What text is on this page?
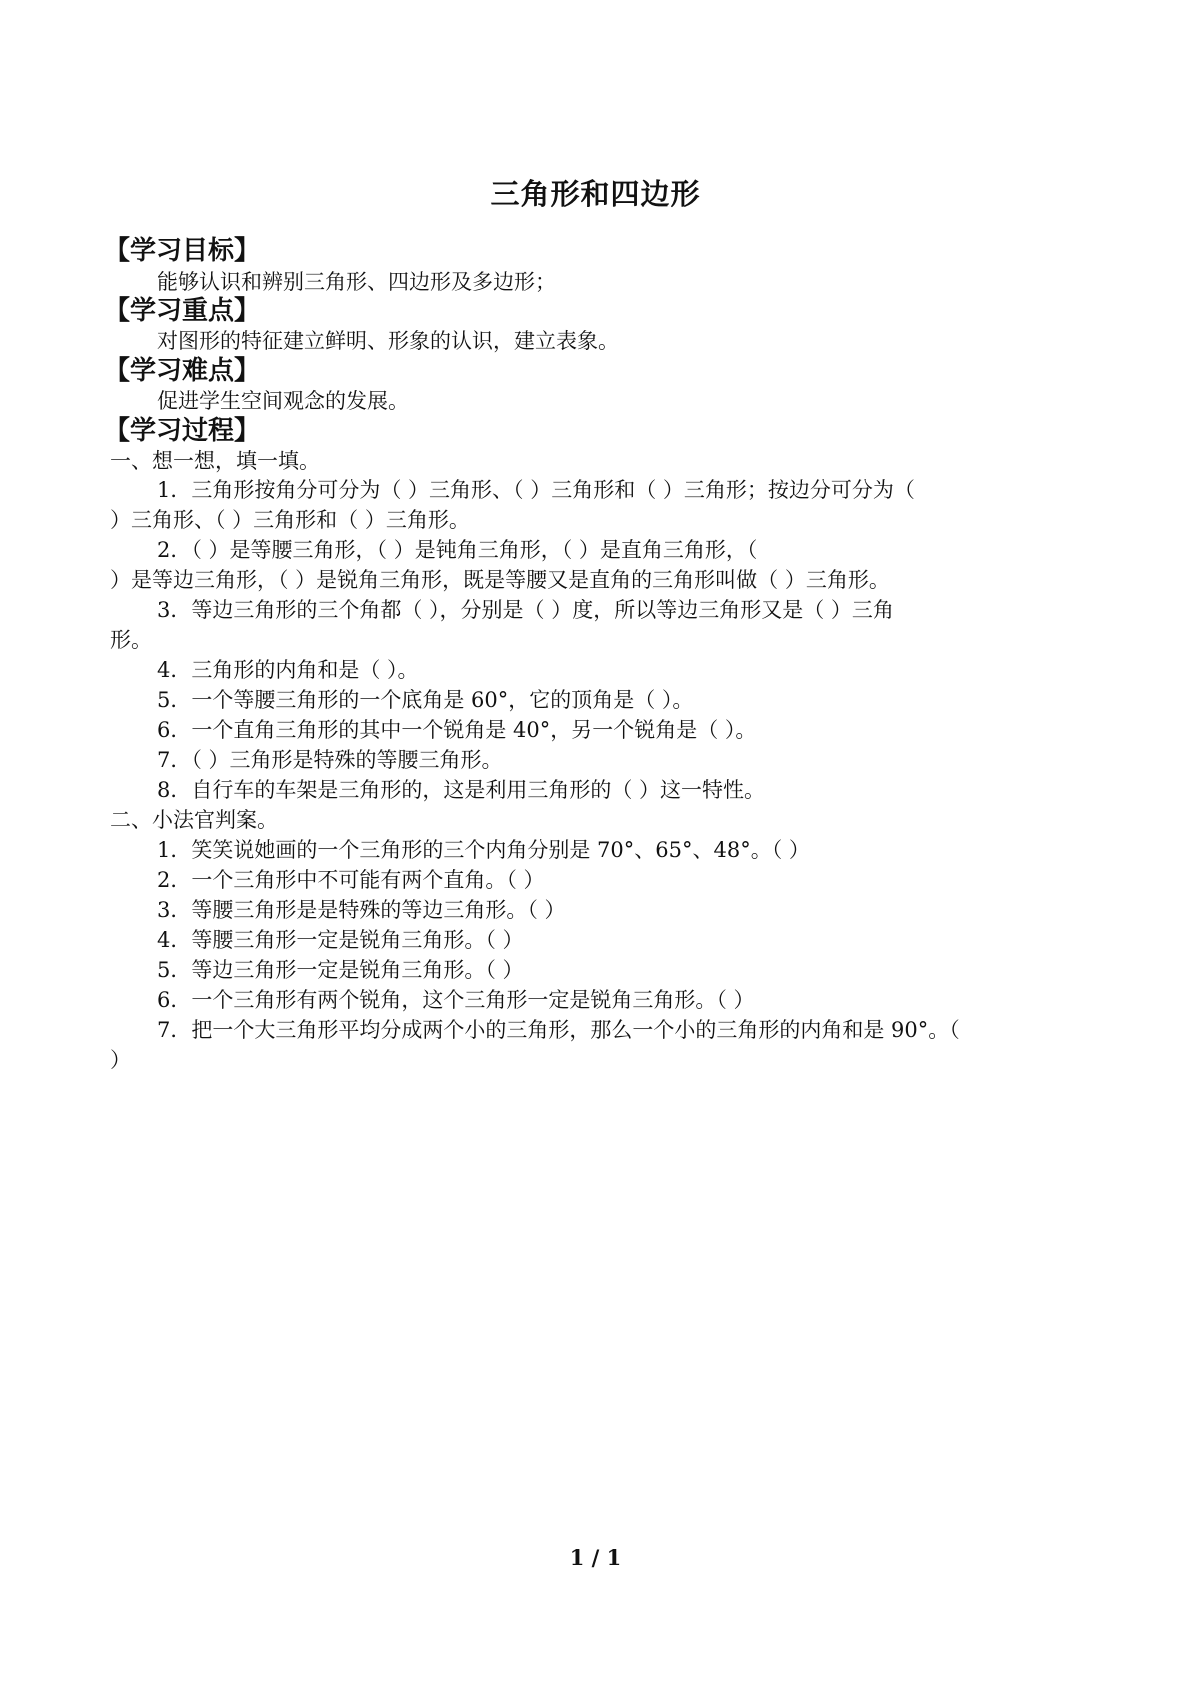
三角形和四边形
【学习目标】
能够认识和辨别三角形、四边形及多边形；
【学习重点】
对图形的特征建立鲜明、形象的认识，建立表象。
【学习难点】
促进学生空间观念的发展。
【学习过程】
一、想一想，填一填。
1．三角形按角分可分为（ ）三角形、（ ）三角形和（ ）三角形；按边分可分为（
）三角形、（ ）三角形和（ ）三角形。
2．（ ）是等腰三角形，（ ）是钝角三角形，（ ）是直角三角形，（
）是等边三角形，（ ）是锐角三角形，既是等腰又是直角的三角形叫做（ ）三角形。
3．等边三角形的三个角都（ ），分别是（ ）度，所以等边三角形又是（ ）三角
形。
4．三角形的内角和是（ ）。
5．一个等腰三角形的一个底角是 60°，它的顶角是（ ）。
6．一个直角三角形的其中一个锐角是 40°，另一个锐角是（ ）。
7．（ ）三角形是特殊的等腰三角形。
8．自行车的车架是三角形的，这是利用三角形的（ ）这一特性。
二、小法官判案。
1．笑笑说她画的一个三角形的三个内角分别是 70°、65°、48°。（ ）
2．一个三角形中不可能有两个直角。（ ）
3．等腰三角形是是特殊的等边三角形。（ ）
4．等腰三角形一定是锐角三角形。（ ）
5．等边三角形一定是锐角三角形。（ ）
6．一个三角形有两个锐角，这个三角形一定是锐角三角形。（ ）
7．把一个大三角形平均分成两个小的三角形，那么一个小的三角形的内角和是 90°。（
）
1 / 1
